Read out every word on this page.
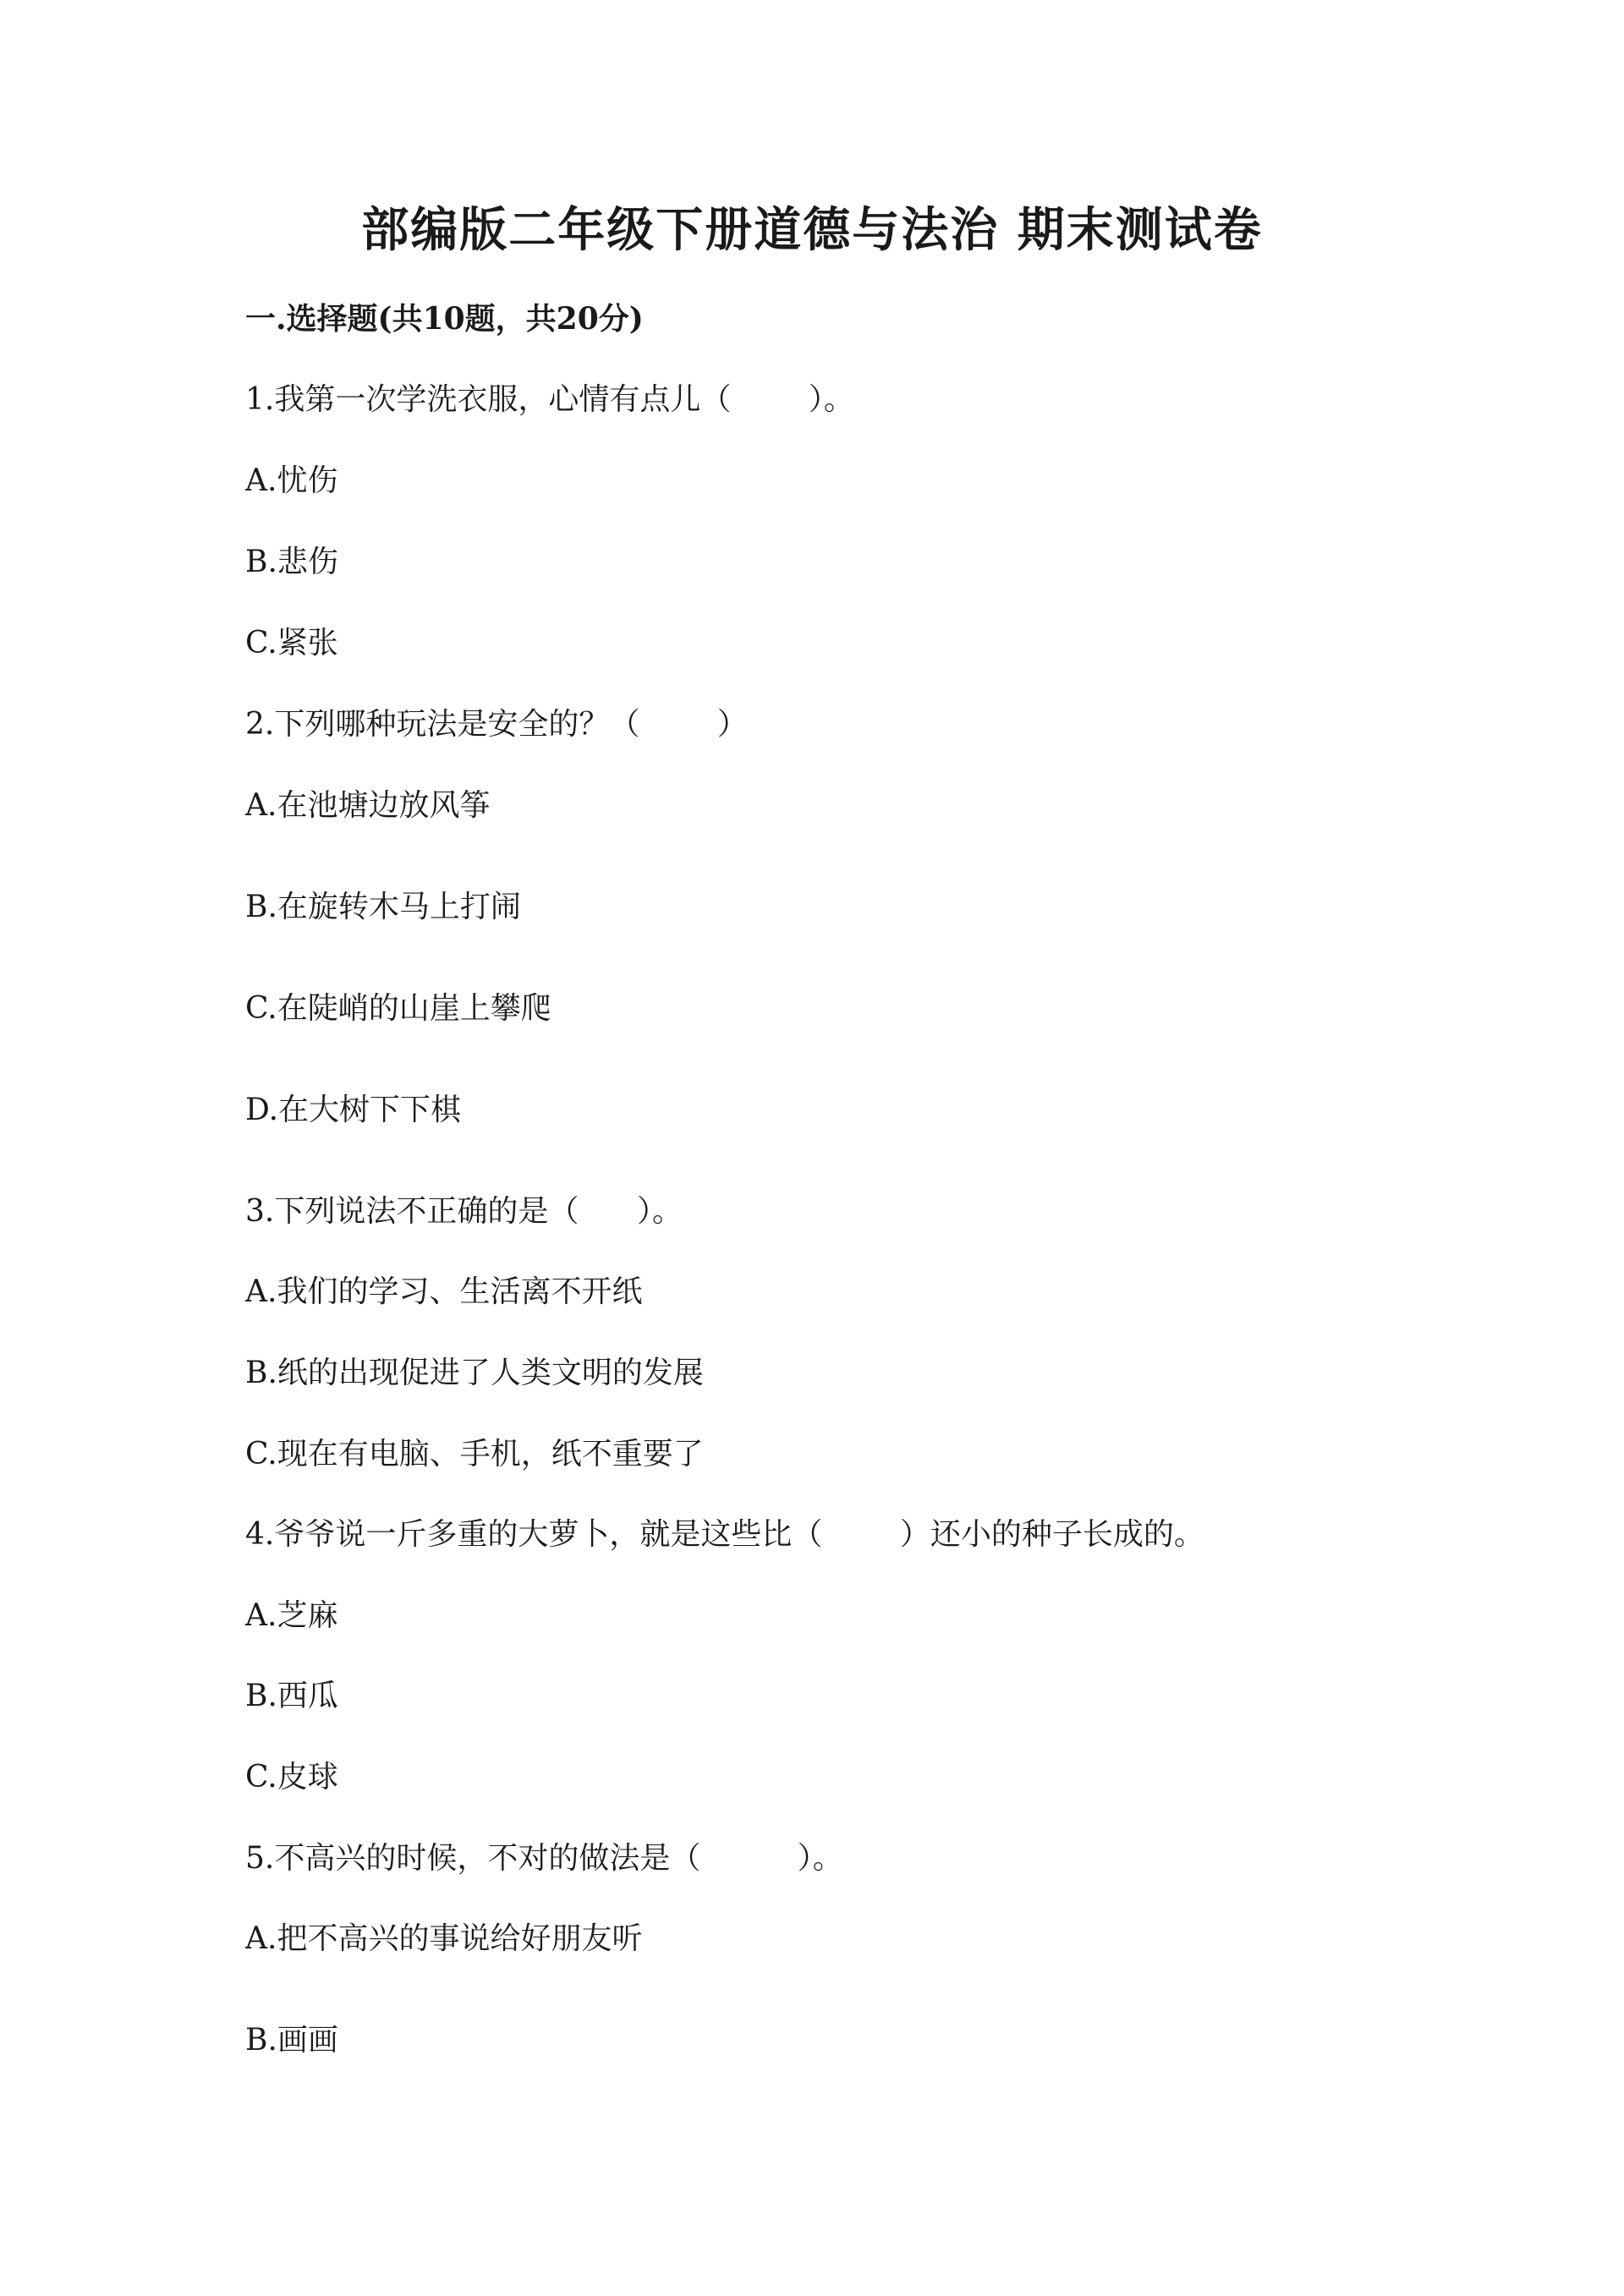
部编版二年级下册道德与法治 期末测试卷
一.选择题(共10题，共20分)
1.我第一次学洗衣服，心情有点儿（        ）。
A.忧伤
B.悲伤
C.紧张
2.下列哪种玩法是安全的？（        ）
A.在池塘边放风筝
B.在旋转木马上打闹
C.在陡峭的山崖上攀爬
D.在大树下下棋
3.下列说法不正确的是（      ）。
A.我们的学习、生活离不开纸
B.纸的出现促进了人类文明的发展
C.现在有电脑、手机，纸不重要了
4.爷爷说一斤多重的大萝卜，就是这些比（        ）还小的种子长成的。
A.芝麻
B.西瓜
C.皮球
5.不高兴的时候，不对的做法是（          ）。
A.把不高兴的事说给好朋友听
B.画画
